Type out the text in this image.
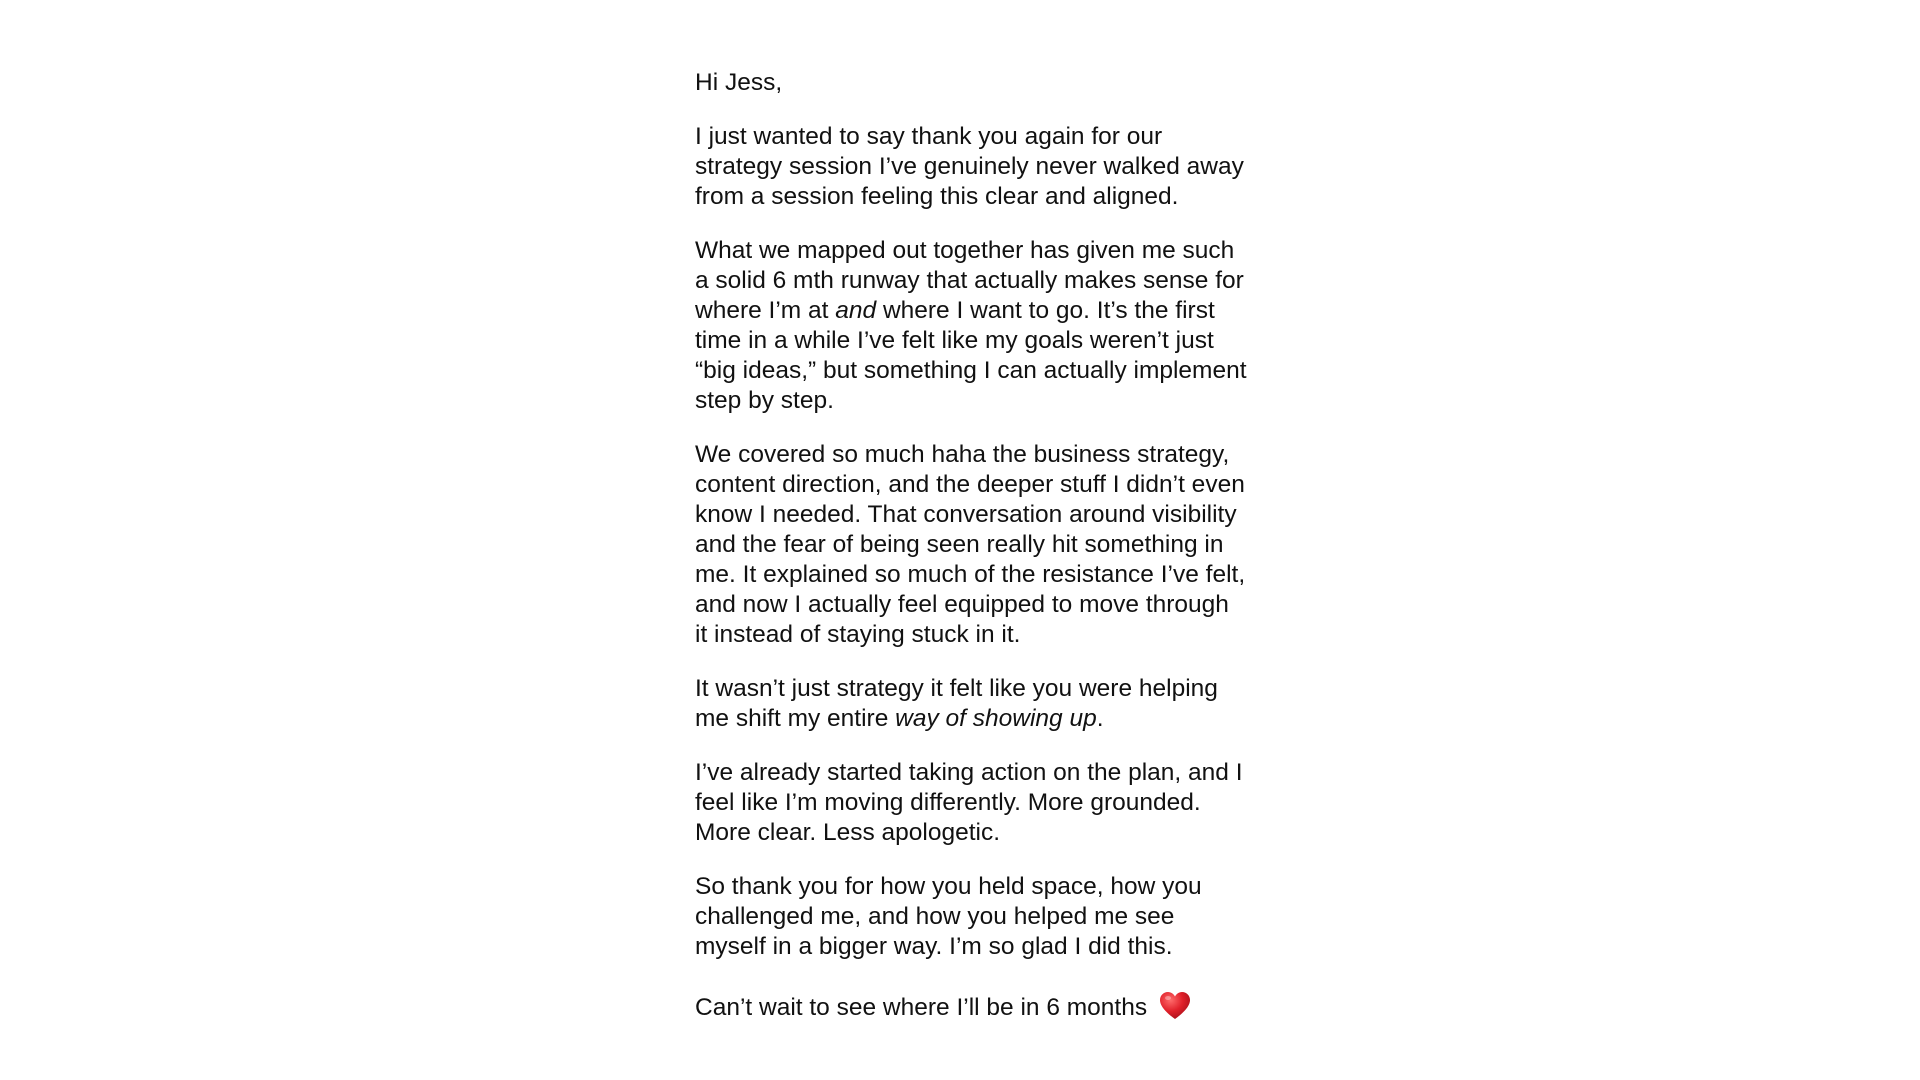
Hi Jess,

I just wanted to say thank you again for our
strategy session I’ve genuinely never walked away
from a session feeling this clear and aligned.

What we mapped out together has given me such
a solid 6 mth runway that actually makes sense for
where I’m at and where I want to go. It’s the first
time in a while I’ve felt like my goals weren’t just
“big ideas,” but something I can actually implement
step by step.

We covered so much haha the business strategy,
content direction, and the deeper stuff I didn’t even
know I needed. That conversation around visibility
and the fear of being seen really hit something in
me. It explained so much of the resistance I’ve felt,
and now I actually feel equipped to move through
it instead of staying stuck in it.

It wasn’t just strategy it felt like you were helping
me shift my entire way of showing up.

I’ve already started taking action on the plan, and I
feel like I’m moving differently. More grounded.
More clear. Less apologetic.

So thank you for how you held space, how you
challenged me, and how you helped me see
myself in a bigger way. I’m so glad I did this.

Can’t wait to see where I’ll be in 6 months
